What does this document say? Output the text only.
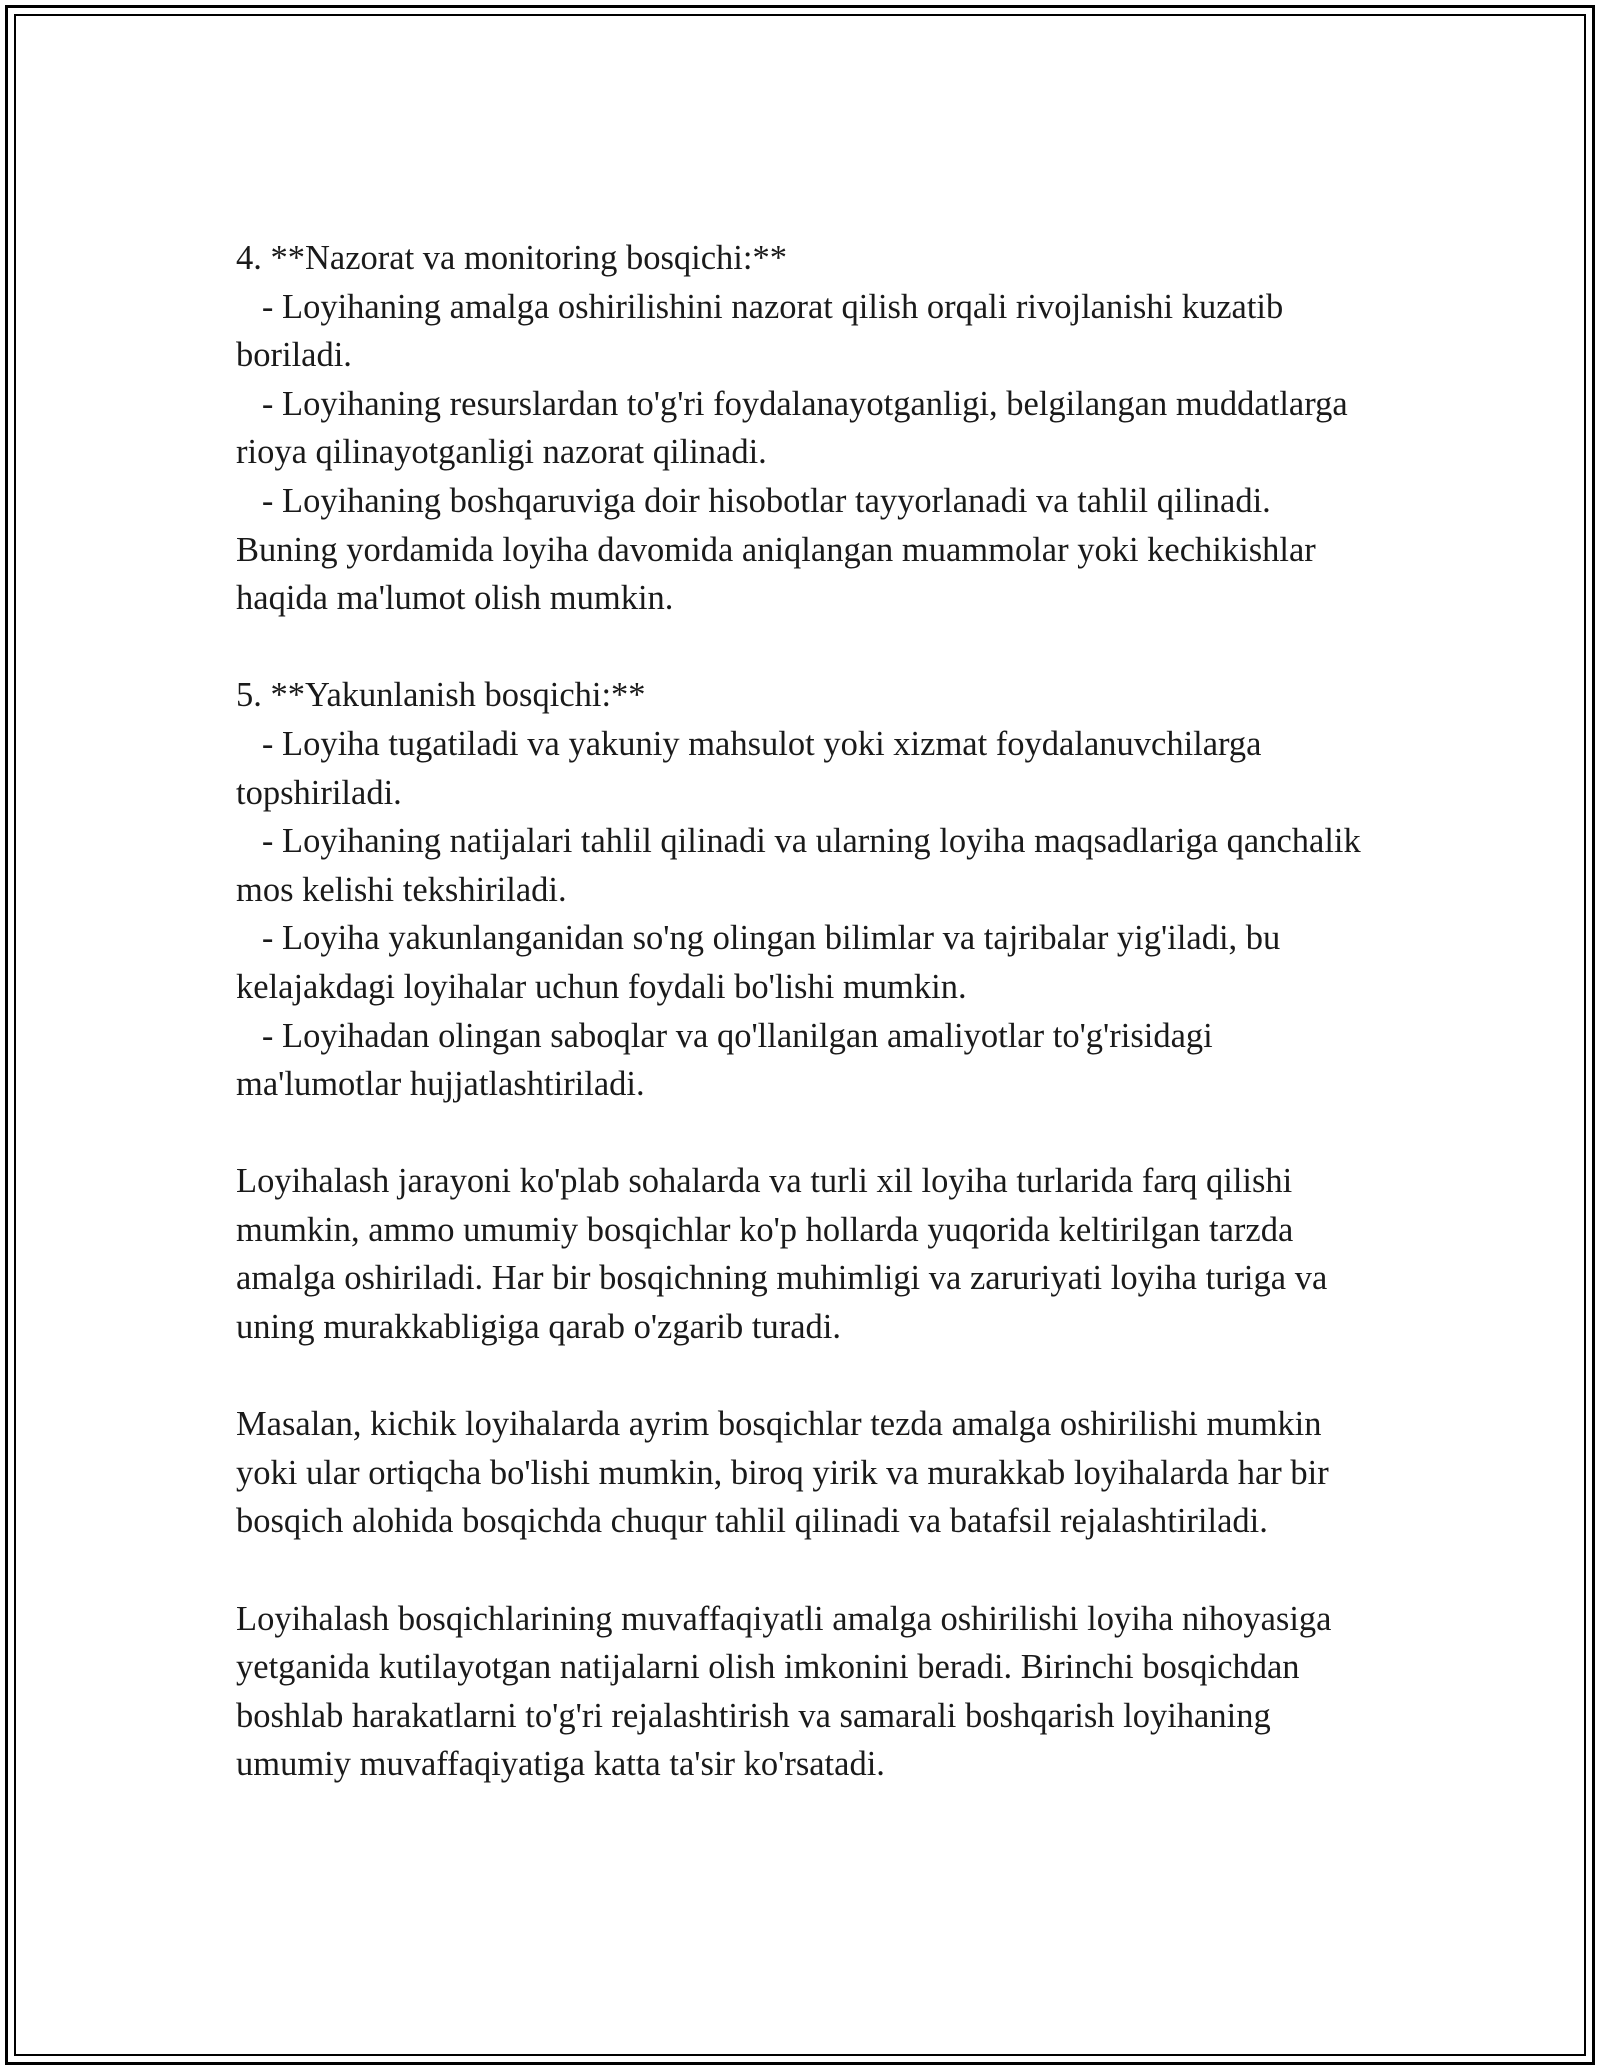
4. **Nazorat va monitoring bosqichi:**
- Loyihaning amalga oshirilishini nazorat qilish orqali rivojlanishi kuzatib boriladi.
- Loyihaning resurslardan to'g'ri foydalanayotganligi, belgilangan muddatlarga rioya qilinayotganligi nazorat qilinadi.
- Loyihaning boshqaruviga doir hisobotlar tayyorlanadi va tahlil qilinadi. Buning yordamida loyiha davomida aniqlangan muammolar yoki kechikishlar haqida ma'lumot olish mumkin.
5. **Yakunlanish bosqichi:**
- Loyiha tugatiladi va yakuniy mahsulot yoki xizmat foydalanuvchilarga topshiriladi.
- Loyihaning natijalari tahlil qilinadi va ularning loyiha maqsadlariga qanchalik mos kelishi tekshiriladi.
- Loyiha yakunlanganidan so'ng olingan bilimlar va tajribalar yig'iladi, bu kelajakdagi loyihalar uchun foydali bo'lishi mumkin.
- Loyihadan olingan saboqlar va qo'llanilgan amaliyotlar to'g'risidagi ma'lumotlar hujjatlashtiriladi.
Loyihalash jarayoni ko'plab sohalarda va turli xil loyiha turlarida farq qilishi mumkin, ammo umumiy bosqichlar ko'p hollarda yuqorida keltirilgan tarzda amalga oshiriladi. Har bir bosqichning muhimligi va zaruriyati loyiha turiga va uning murakkabligiga qarab o'zgarib turadi.
Masalan, kichik loyihalarda ayrim bosqichlar tezda amalga oshirilishi mumkin yoki ular ortiqcha bo'lishi mumkin, biroq yirik va murakkab loyihalarda har bir bosqich alohida bosqichda chuqur tahlil qilinadi va batafsil rejalashtiriladi.
Loyihalash bosqichlarining muvaffaqiyatli amalga oshirilishi loyiha nihoyasiga yetganida kutilayotgan natijalarni olish imkonini beradi. Birinchi bosqichdan boshlab harakatlarni to'g'ri rejalashtirish va samarali boshqarish loyihaning umumiy muvaffaqiyatiga katta ta'sir ko'rsatadi.
